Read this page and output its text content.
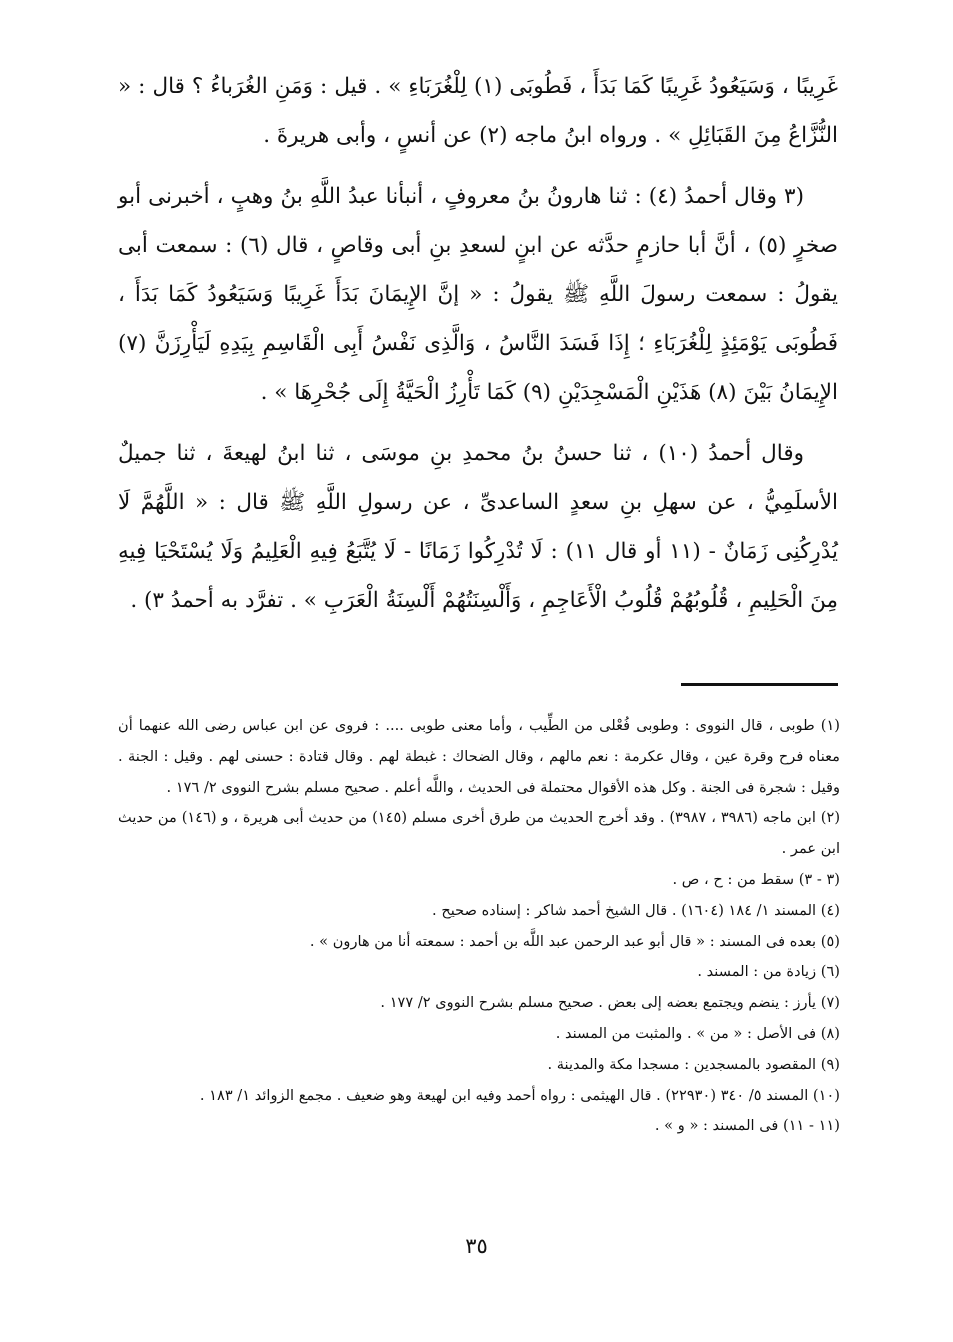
غَرِيبًا ، وَسَيَعُودُ غَرِيبًا كَمَا بَدَأَ ، فَطُوبَى (١) لِلْغُرَبَاءِ » . قيل : وَمَنِ الغُرَباءُ ؟ قال : « النُّزَّاعُ مِنَ القَبَائِلِ » . ورواه ابنُ ماجه (٢) عن أنسٍ ، وأبى هريرةَ .

(٣ وقال أحمدُ (٤) : ثنا هارونُ بنُ معروفٍ ، أنبأنا عبدُ اللَّهِ بنُ وهبٍ ، أخبرنى أبو صخرٍ (٥) ، أنَّ أبا حازمٍ حدَّثه عن ابنٍ لسعدِ بنِ أبى وقاصٍ ، قال (٦) : سمعت أبى يقولُ : سمعت رسولَ اللَّهِ ﷺ يقولُ : « إنَّ الإِيمَانَ بَدَأَ غَرِيبًا وَسَيَعُودُ كَمَا بَدَأَ ، فَطُوبَى يَوْمَئِذٍ لِلْغُرَبَاءِ ؛ إِذَا فَسَدَ النَّاسُ ، وَالَّذِى نَفْسُ أَبِى الْقَاسِمِ بِيَدِهِ لَيَأْرِزَنَّ (٧) الإِيمَانُ بَيْنَ (٨) هَذَيْنِ الْمَسْجِدَيْنِ (٩) كَمَا تَأْرِزُ الْحَيَّةُ إِلَى جُحْرِهَا » .

وقال أحمدُ (١٠) ، ثنا حسنُ بنُ محمدِ بنِ موسَى ، ثنا ابنُ لهيعةَ ، ثنا جميلٌ الأسلَمِيُّ ، عن سهلِ بنِ سعدٍ الساعدىِّ ، عن رسولِ اللَّهِ ﷺ قال : « اللَّهُمَّ لَا يُدْرِكُنِى زَمَانٌ - (١١ أو قال ١١) : لَا تُدْرِكُوا زَمَانًا - لَا يُتَّبَعُ فِيهِ الْعَلِيمُ وَلَا يُسْتَحْيَا فِيهِ مِنَ الْحَلِيمِ ، قُلُوبُهُمْ قُلُوبُ الْأَعَاجِمِ ، وَأَلْسِنَتُهُمْ أَلْسِنَةُ الْعَرَبِ » . تفرَّد به أحمدُ ٣) .

(١) طوبى ، قال النووى : وطوبى فُعْلى من الطِّيب ، وأما معنى طوبى .... : فروى عن ابن عباس رضى الله عنهما أن معناه فرح وقرة عين ، وقال عكرمة : نعم مالهم ، وقال الضحاك : غبطة لهم . وقال قتادة : حسنى لهم . وقيل : الجنة . وقيل : شجرة فى الجنة . وكل هذه الأقوال محتملة فى الحديث ، واللَّه أعلم . صحيح مسلم بشرح النووى ٢/ ١٧٦ .

(٢) ابن ماجه (٣٩٨٦ ، ٣٩٨٧) . وقد أخرج الحديث من طرق أخرى مسلم (١٤٥) من حديث أبى هريرة ، و (١٤٦) من حديث ابن عمر .

(٣ - ٣) سقط من : ح ، ص .

(٤) المسند ١/ ١٨٤ (١٦٠٤) . قال الشيخ أحمد شاكر : إسناده صحيح .

(٥) بعده فى المسند : « قال أبو عبد الرحمن عبد اللَّه بن أحمد : سمعته أنا من هارون » .

(٦) زيادة من : المسند .

(٧) يأرز : ينضم ويجتمع بعضه إلى بعض . صحيح مسلم بشرح النووى ٢/ ١٧٧ .

(٨) فى الأصل : « من » . والمثبت من المسند .

(٩) المقصود بالمسجدين : مسجدا مكة والمدينة .

(١٠) المسند ٥/ ٣٤٠ (٢٢٩٣٠) . قال الهيثمى : رواه أحمد وفيه ابن لهيعة وهو ضعيف . مجمع الزوائد ١/ ١٨٣ .

(١١ - ١١) فى المسند : « و » .

٣٥
